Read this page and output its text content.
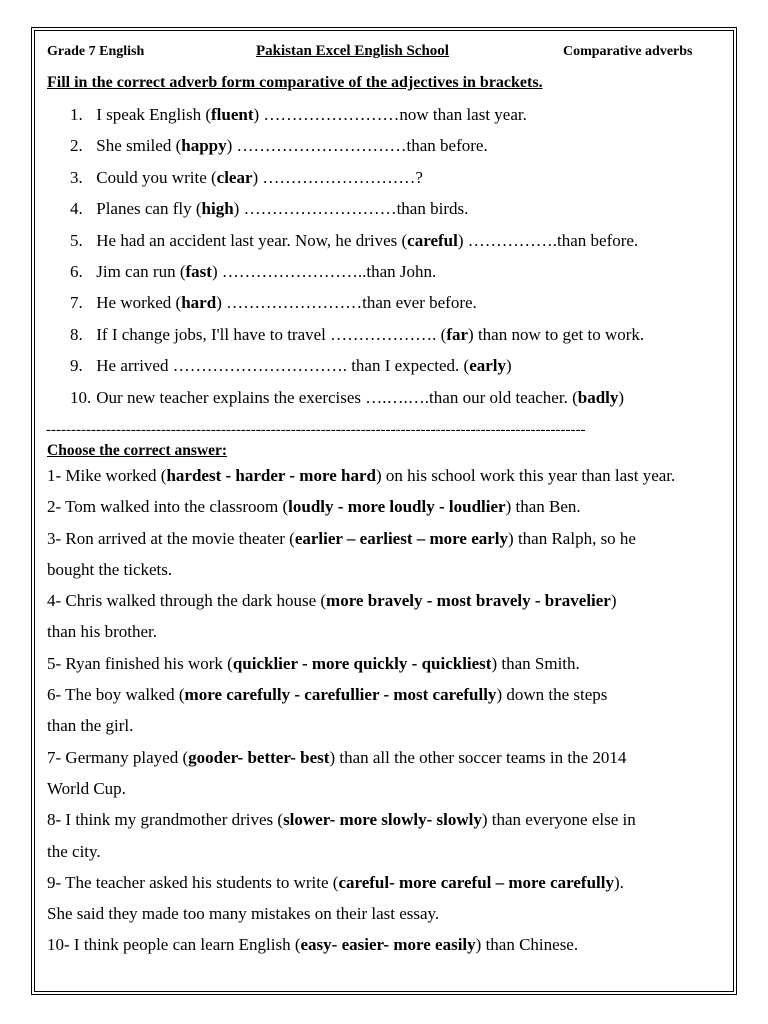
Grade 7 English	Pakistan Excel English School	Comparative adverbs
Fill in the correct adverb form comparative of the adjectives in brackets.
1. I speak English (fluent) ……………………now than last year.
2. She smiled (happy) …………………………than before.
3. Could you write (clear) ………………………?
4. Planes can fly (high) ………………………than birds.
5. He had an accident last year. Now, he drives (careful) …………….than before.
6. Jim can run (fast) ……………………..than John.
7. He worked (hard) ……………………than ever before.
8. If I change jobs, I'll have to travel ………………. (far) than now to get to work.
9. He arrived …………………………. than I expected. (early)
10. Our new teacher explains the exercises ….….….than our old teacher. (badly)
------------------------------------------------------------------------------------------------------------
Choose the correct answer:
1- Mike worked (hardest - harder - more hard) on his school work this year than last year.
2- Tom walked into the classroom (loudly - more loudly - loudlier) than Ben.
3- Ron arrived at the movie theater (earlier – earliest – more early) than Ralph, so he
bought the tickets.
4- Chris walked through the dark house (more bravely - most bravely - bravelier)
than his brother.
5- Ryan finished his work (quicklier - more quickly - quickliest) than Smith.
6- The boy walked (more carefully - carefullier - most carefully) down the steps
than the girl.
7- Germany played (gooder- better- best) than all the other soccer teams in the 2014
World Cup.
8- I think my grandmother drives (slower- more slowly- slowly) than everyone else in
the city.
9- The teacher asked his students to write (careful- more careful – more carefully).
She said they made too many mistakes on their last essay.
10- I think people can learn English (easy- easier- more easily) than Chinese.
